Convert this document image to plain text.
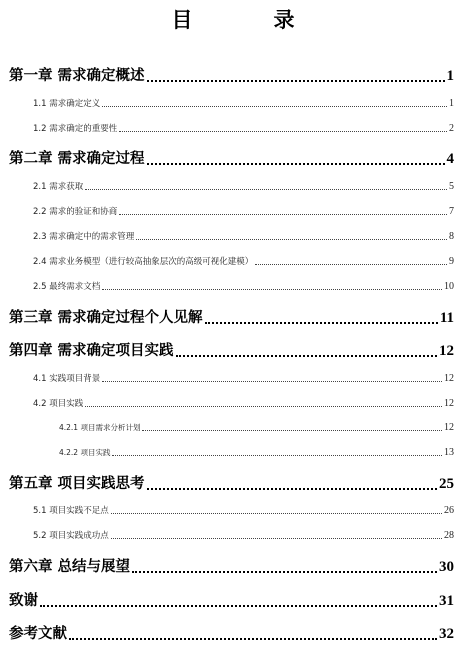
目　录
第一章 需求确定概述	1
1.1 需求确定定义	1
1.2 需求确定的重要性	2
第二章 需求确定过程	4
2.1 需求获取	5
2.2 需求的验证和协商	7
2.3 需求确定中的需求管理	8
2.4 需求业务模型（进行较高抽象层次的高级可视化建模）	9
2.5 最终需求文档	10
第三章 需求确定过程个人见解	11
第四章 需求确定项目实践	12
4.1 实践项目背景	12
4.2 项目实践	12
4.2.1 项目需求分析计划	12
4.2.2 项目实践	13
第五章 项目实践思考	25
5.1 项目实践不足点	26
5.2 项目实践成功点	28
第六章 总结与展望	30
致谢	31
参考文献	32
